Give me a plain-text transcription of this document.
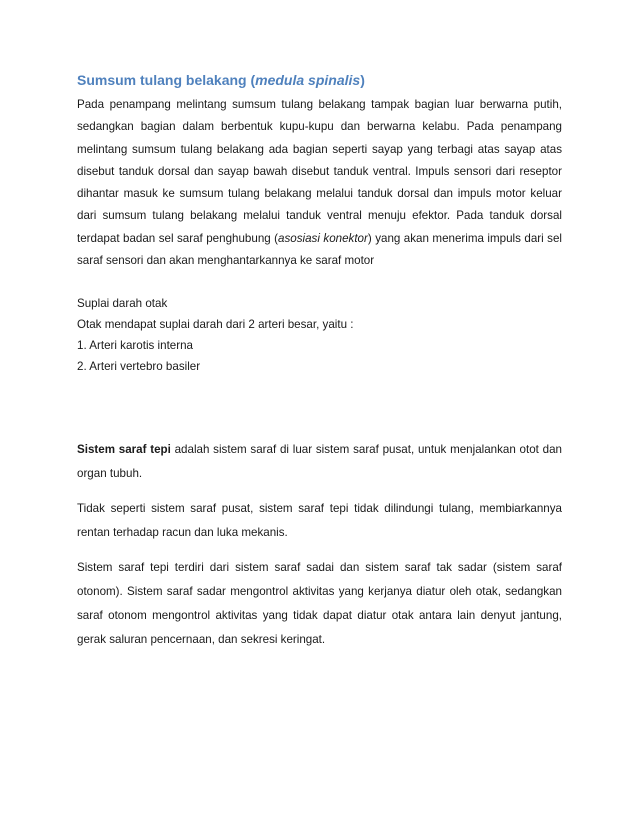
Sumsum tulang belakang (medula spinalis)

Pada penampang melintang sumsum tulang belakang tampak bagian luar berwarna putih, sedangkan bagian dalam berbentuk kupu-kupu dan berwarna kelabu. Pada penampang melintang sumsum tulang belakang ada bagian seperti sayap yang terbagi atas sayap atas disebut tanduk dorsal dan sayap bawah disebut tanduk ventral. Impuls sensori dari reseptor dihantar masuk ke sumsum tulang belakang melalui tanduk dorsal dan impuls motor keluar dari sumsum tulang belakang melalui tanduk ventral menuju efektor. Pada tanduk dorsal terdapat badan sel saraf penghubung (asosiasi konektor) yang akan menerima impuls dari sel saraf sensori dan akan menghantarkannya ke saraf motor

Suplai darah otak

Otak mendapat suplai darah dari 2 arteri besar, yaitu :

1. Arteri karotis interna

2. Arteri vertebro basiler

Sistem saraf tepi adalah sistem saraf di luar sistem saraf pusat, untuk menjalankan otot dan organ tubuh.

Tidak seperti sistem saraf pusat, sistem saraf tepi tidak dilindungi tulang, membiarkannya rentan terhadap racun dan luka mekanis.

Sistem saraf tepi terdiri dari sistem saraf sadai dan sistem saraf tak sadar (sistem saraf otonom). Sistem saraf sadar mengontrol aktivitas yang kerjanya diatur oleh otak, sedangkan saraf otonom mengontrol aktivitas yang tidak dapat diatur otak antara lain denyut jantung, gerak saluran pencernaan, dan sekresi keringat.
